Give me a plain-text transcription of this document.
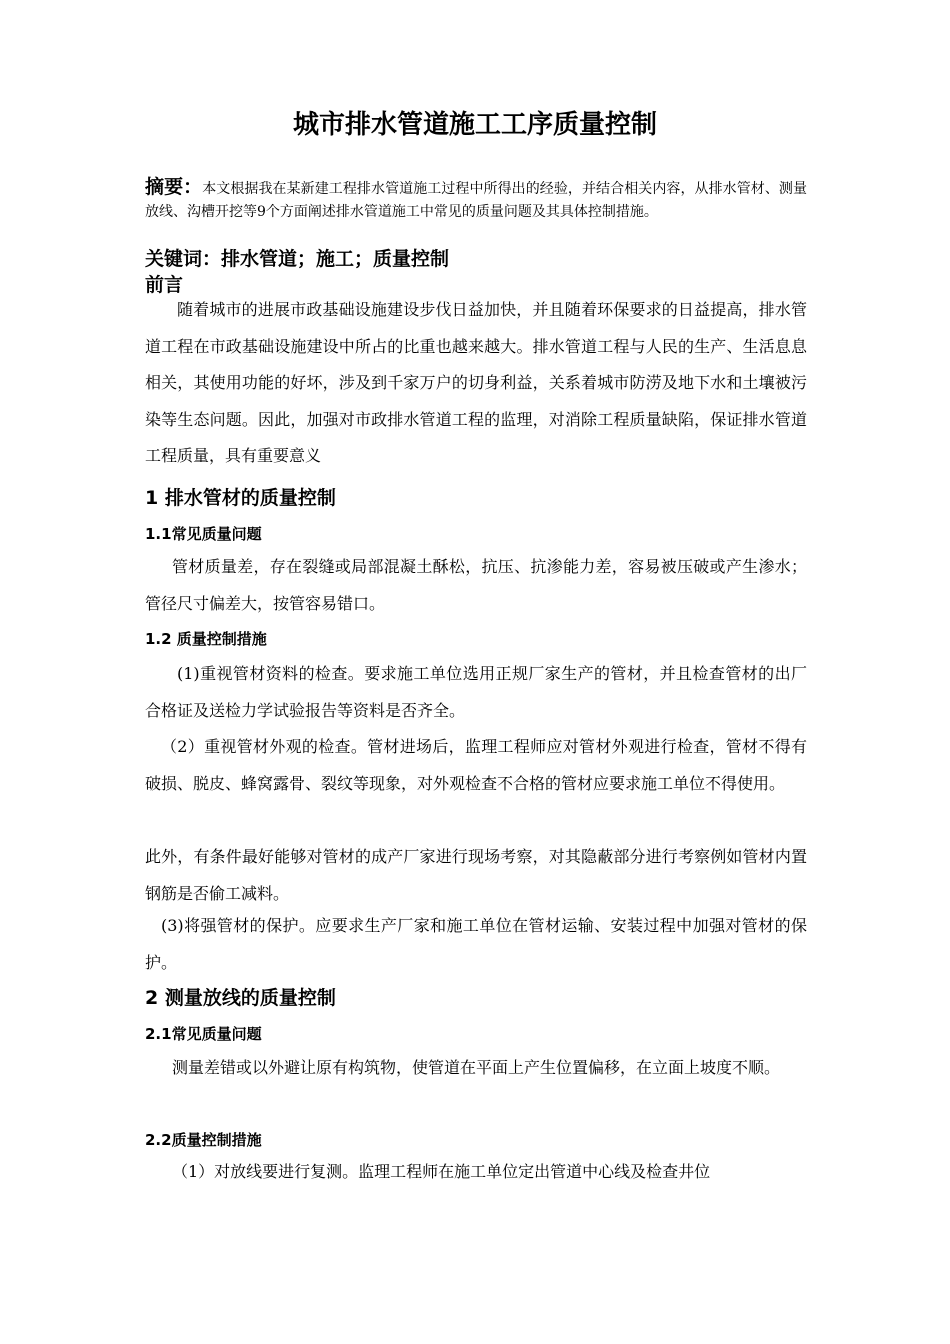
城市排水管道施工工序质量控制

摘要：本文根据我在某新建工程排水管道施工过程中所得出的经验，并结合相关内容，从排水管材、测量放线、沟槽开挖等9个方面阐述排水管道施工中常见的质量问题及其具体控制措施。

关键词：排水管道；施工；质量控制

前言

随着城市的进展市政基础设施建设步伐日益加快，并且随着环保要求的日益提高，排水管道工程在市政基础设施建设中所占的比重也越来越大。排水管道工程与人民的生产、生活息息相关，其使用功能的好坏，涉及到千家万户的切身利益，关系着城市防涝及地下水和土壤被污染等生态问题。因此，加强对市政排水管道工程的监理，对消除工程质量缺陷，保证排水管道工程质量，具有重要意义

1 排水管材的质量控制

1.1常见质量问题

管材质量差，存在裂缝或局部混凝土酥松，抗压、抗渗能力差，容易被压破或产生渗水；管径尺寸偏差大，按管容易错口。

1.2 质量控制措施

(1)重视管材资料的检查。要求施工单位选用正规厂家生产的管材，并且检查管材的出厂合格证及送检力学试验报告等资料是否齐全。

（2）重视管材外观的检查。管材进场后，监理工程师应对管材外观进行检查，管材不得有破损、脱皮、蜂窝露骨、裂纹等现象，对外观检查不合格的管材应要求施工单位不得使用。

此外，有条件最好能够对管材的成产厂家进行现场考察，对其隐蔽部分进行考察例如管材内置钢筋是否偷工减料。

(3)将强管材的保护。应要求生产厂家和施工单位在管材运输、安装过程中加强对管材的保护。

2 测量放线的质量控制

2.1常见质量问题

测量差错或以外避让原有构筑物，使管道在平面上产生位置偏移，在立面上坡度不顺。

2.2质量控制措施

（1）对放线要进行复测。监理工程师在施工单位定出管道中心线及检查井位
